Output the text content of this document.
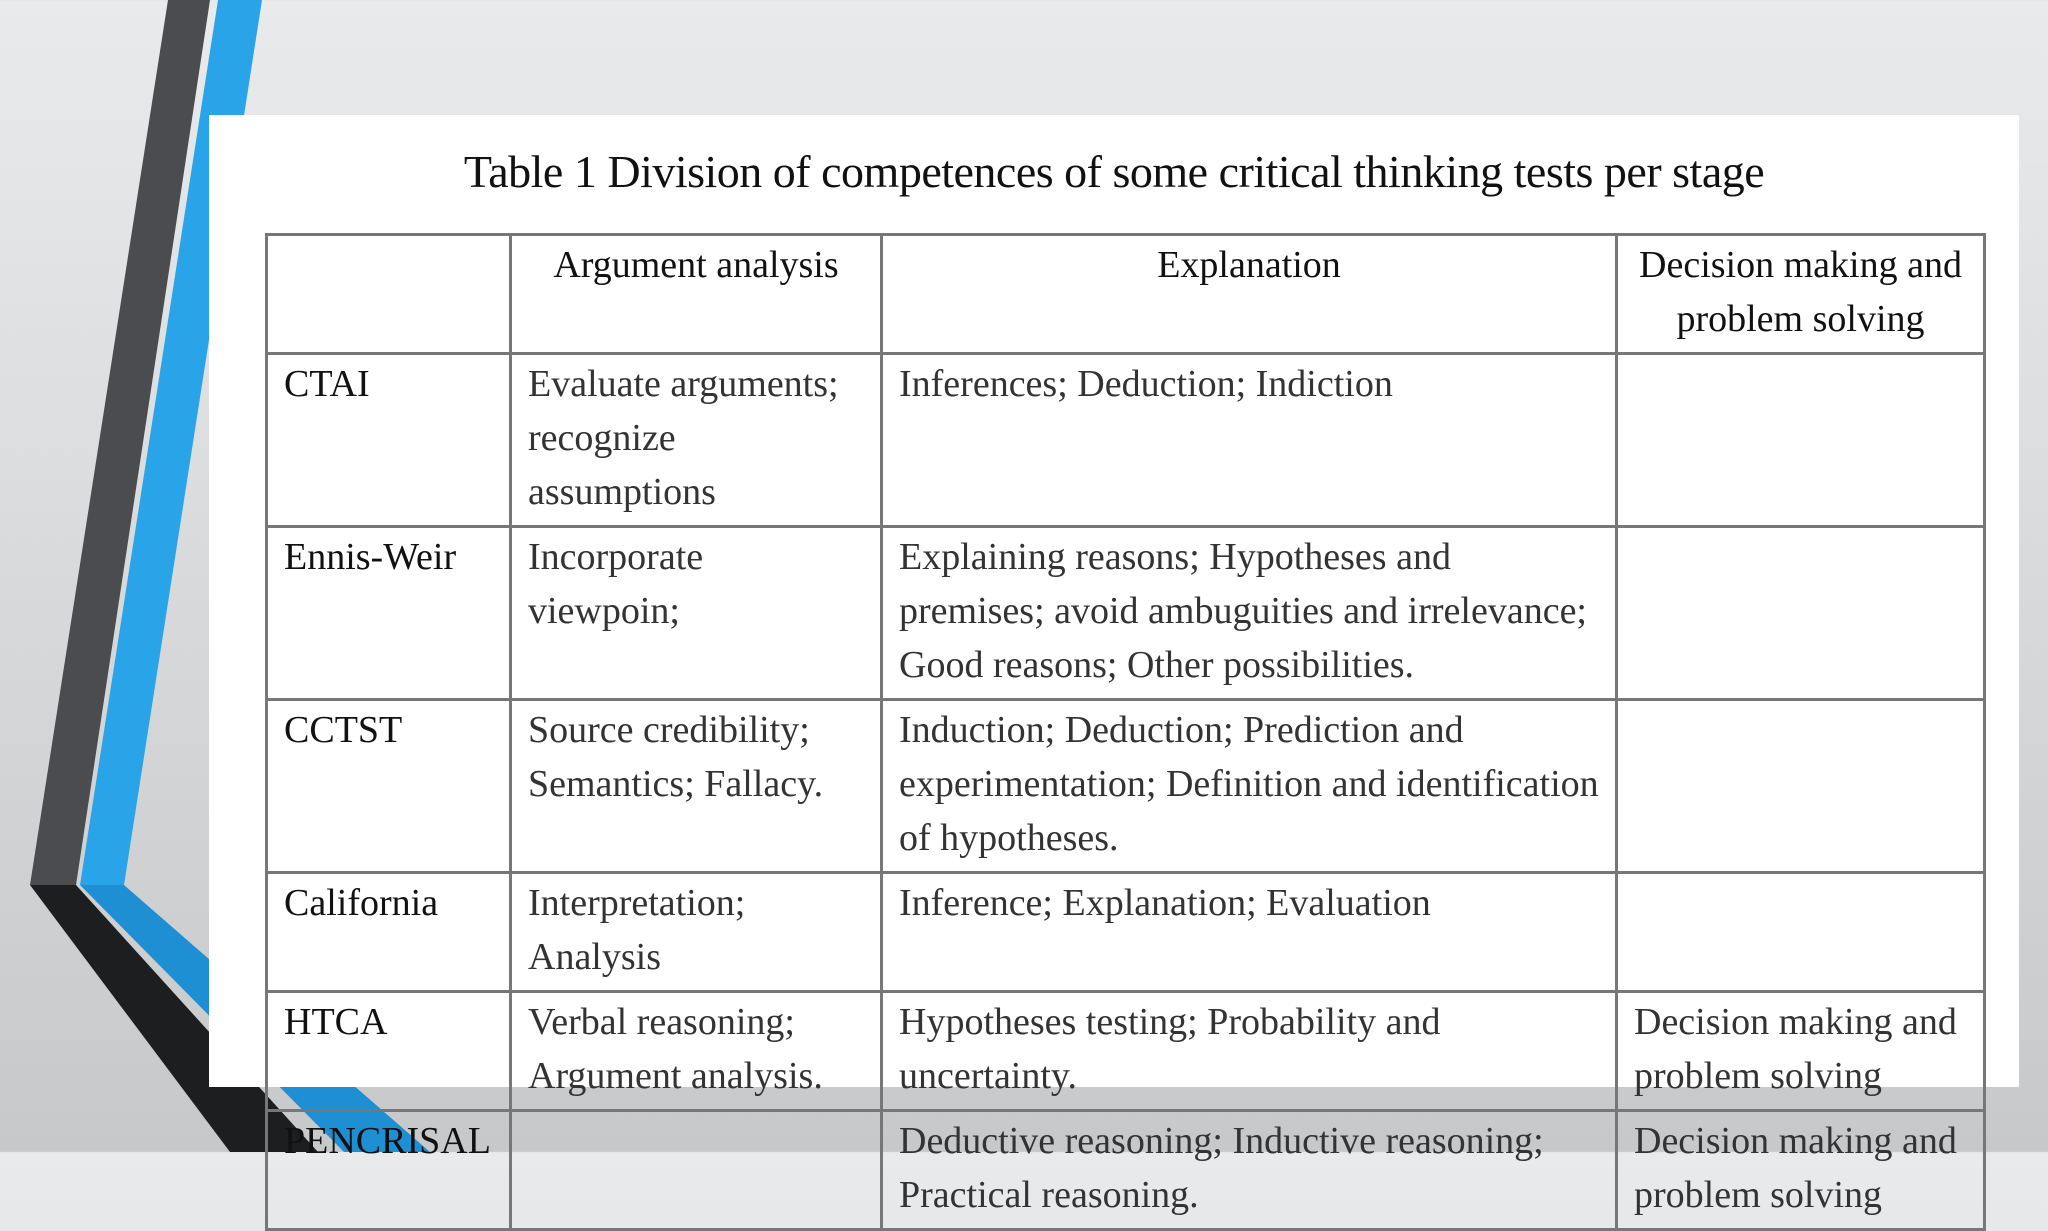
Table 1 Division of competences of some critical thinking tests per stage
	Argument analysis	Explanation	Decision making and problem solving
CTAI	Evaluate arguments; recognize assumptions	Inferences; Deduction; Indiction	
Ennis-Weir	Incorporate viewpoin;	Explaining reasons; Hypotheses and premises; avoid ambuguities and irrelevance; Good reasons; Other possibilities.	
CCTST	Source credibility; Semantics; Fallacy.	Induction; Deduction; Prediction and experimentation; Definition and identification of hypotheses.	
California	Interpretation; Analysis	Inference; Explanation; Evaluation	
HTCA	Verbal reasoning; Argument analysis.	Hypotheses testing; Probability and uncertainty.	Decision making and problem solving
PENCRISAL		Deductive reasoning; Inductive reasoning; Practical reasoning.	Decision making and problem solving
